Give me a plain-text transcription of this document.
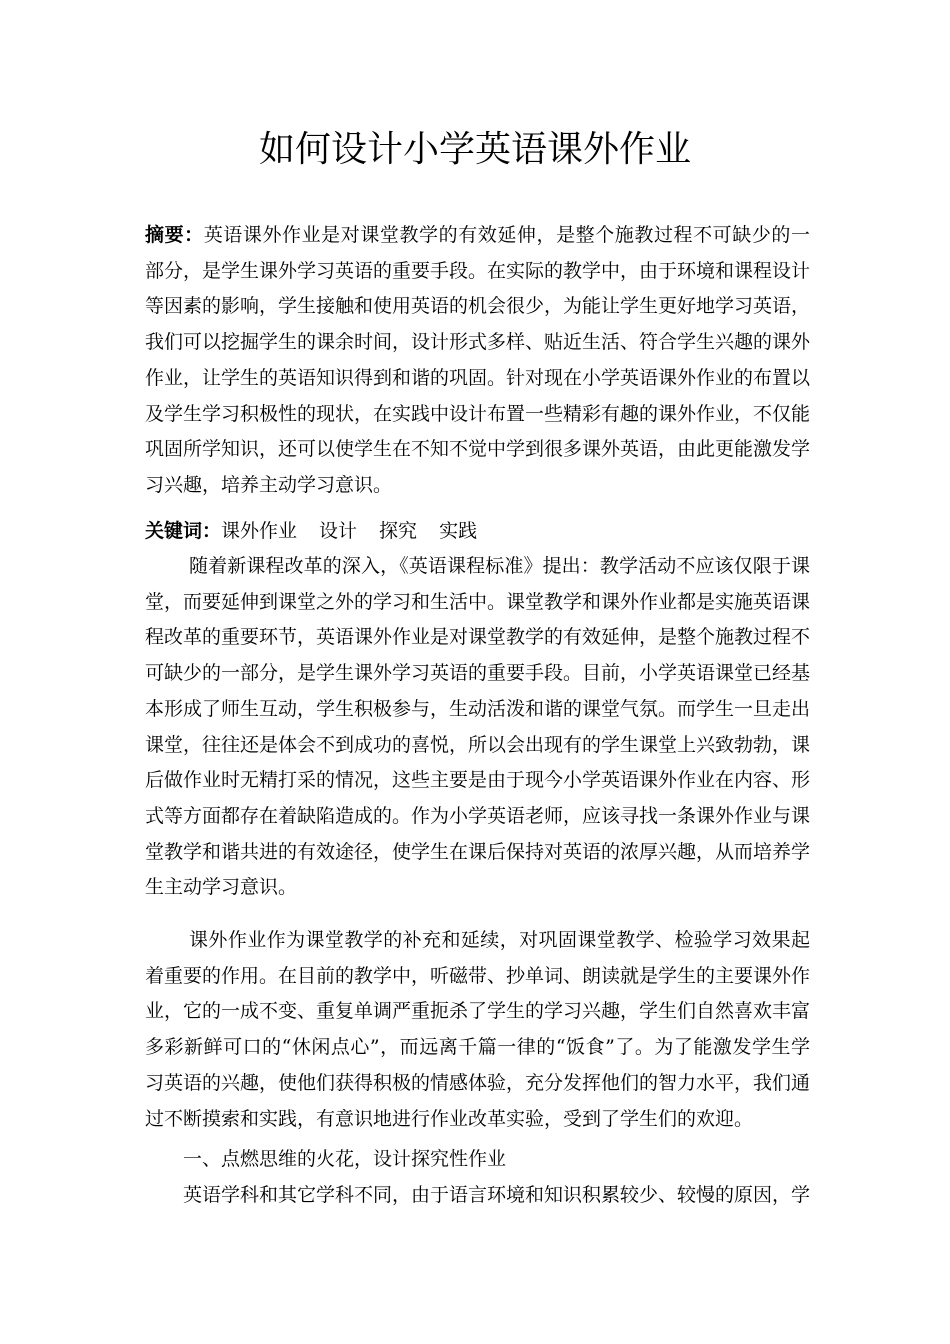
如何设计小学英语课外作业
摘要：英语课外作业是对课堂教学的有效延伸，是整个施教过程不可缺少的一部分，是学生课外学习英语的重要手段。在实际的教学中，由于环境和课程设计等因素的影响，学生接触和使用英语的机会很少，为能让学生更好地学习英语，我们可以挖掘学生的课余时间，设计形式多样、贴近生活、符合学生兴趣的课外作业，让学生的英语知识得到和谐的巩固。针对现在小学英语课外作业的布置以及学生学习积极性的现状，在实践中设计布置一些精彩有趣的课外作业，不仅能巩固所学知识，还可以使学生在不知不觉中学到很多课外英语，由此更能激发学习兴趣，培养主动学习意识。
关键词：课外作业 设计 探究 实践
随着新课程改革的深入，《英语课程标准》提出：教学活动不应该仅限于课堂，而要延伸到课堂之外的学习和生活中。课堂教学和课外作业都是实施英语课程改革的重要环节，英语课外作业是对课堂教学的有效延伸，是整个施教过程不可缺少的一部分，是学生课外学习英语的重要手段。目前，小学英语课堂已经基本形成了师生互动，学生积极参与，生动活泼和谐的课堂气氛。而学生一旦走出课堂，往往还是体会不到成功的喜悦，所以会出现有的学生课堂上兴致勃勃，课后做作业时无精打采的情况，这些主要是由于现今小学英语课外作业在内容、形式等方面都存在着缺陷造成的。作为小学英语老师，应该寻找一条课外作业与课堂教学和谐共进的有效途径，使学生在课后保持对英语的浓厚兴趣，从而培养学生主动学习意识。
课外作业作为课堂教学的补充和延续，对巩固课堂教学、检验学习效果起着重要的作用。在目前的教学中，听磁带、抄单词、朗读就是学生的主要课外作业，它的一成不变、重复单调严重扼杀了学生的学习兴趣，学生们自然喜欢丰富多彩新鲜可口的“休闲点心”，而远离千篇一律的“饭食”了。为了能激发学生学习英语的兴趣，使他们获得积极的情感体验，充分发挥他们的智力水平，我们通过不断摸索和实践，有意识地进行作业改革实验，受到了学生们的欢迎。
一、点燃思维的火花，设计探究性作业
英语学科和其它学科不同，由于语言环境和知识积累较少、较慢的原因，学
